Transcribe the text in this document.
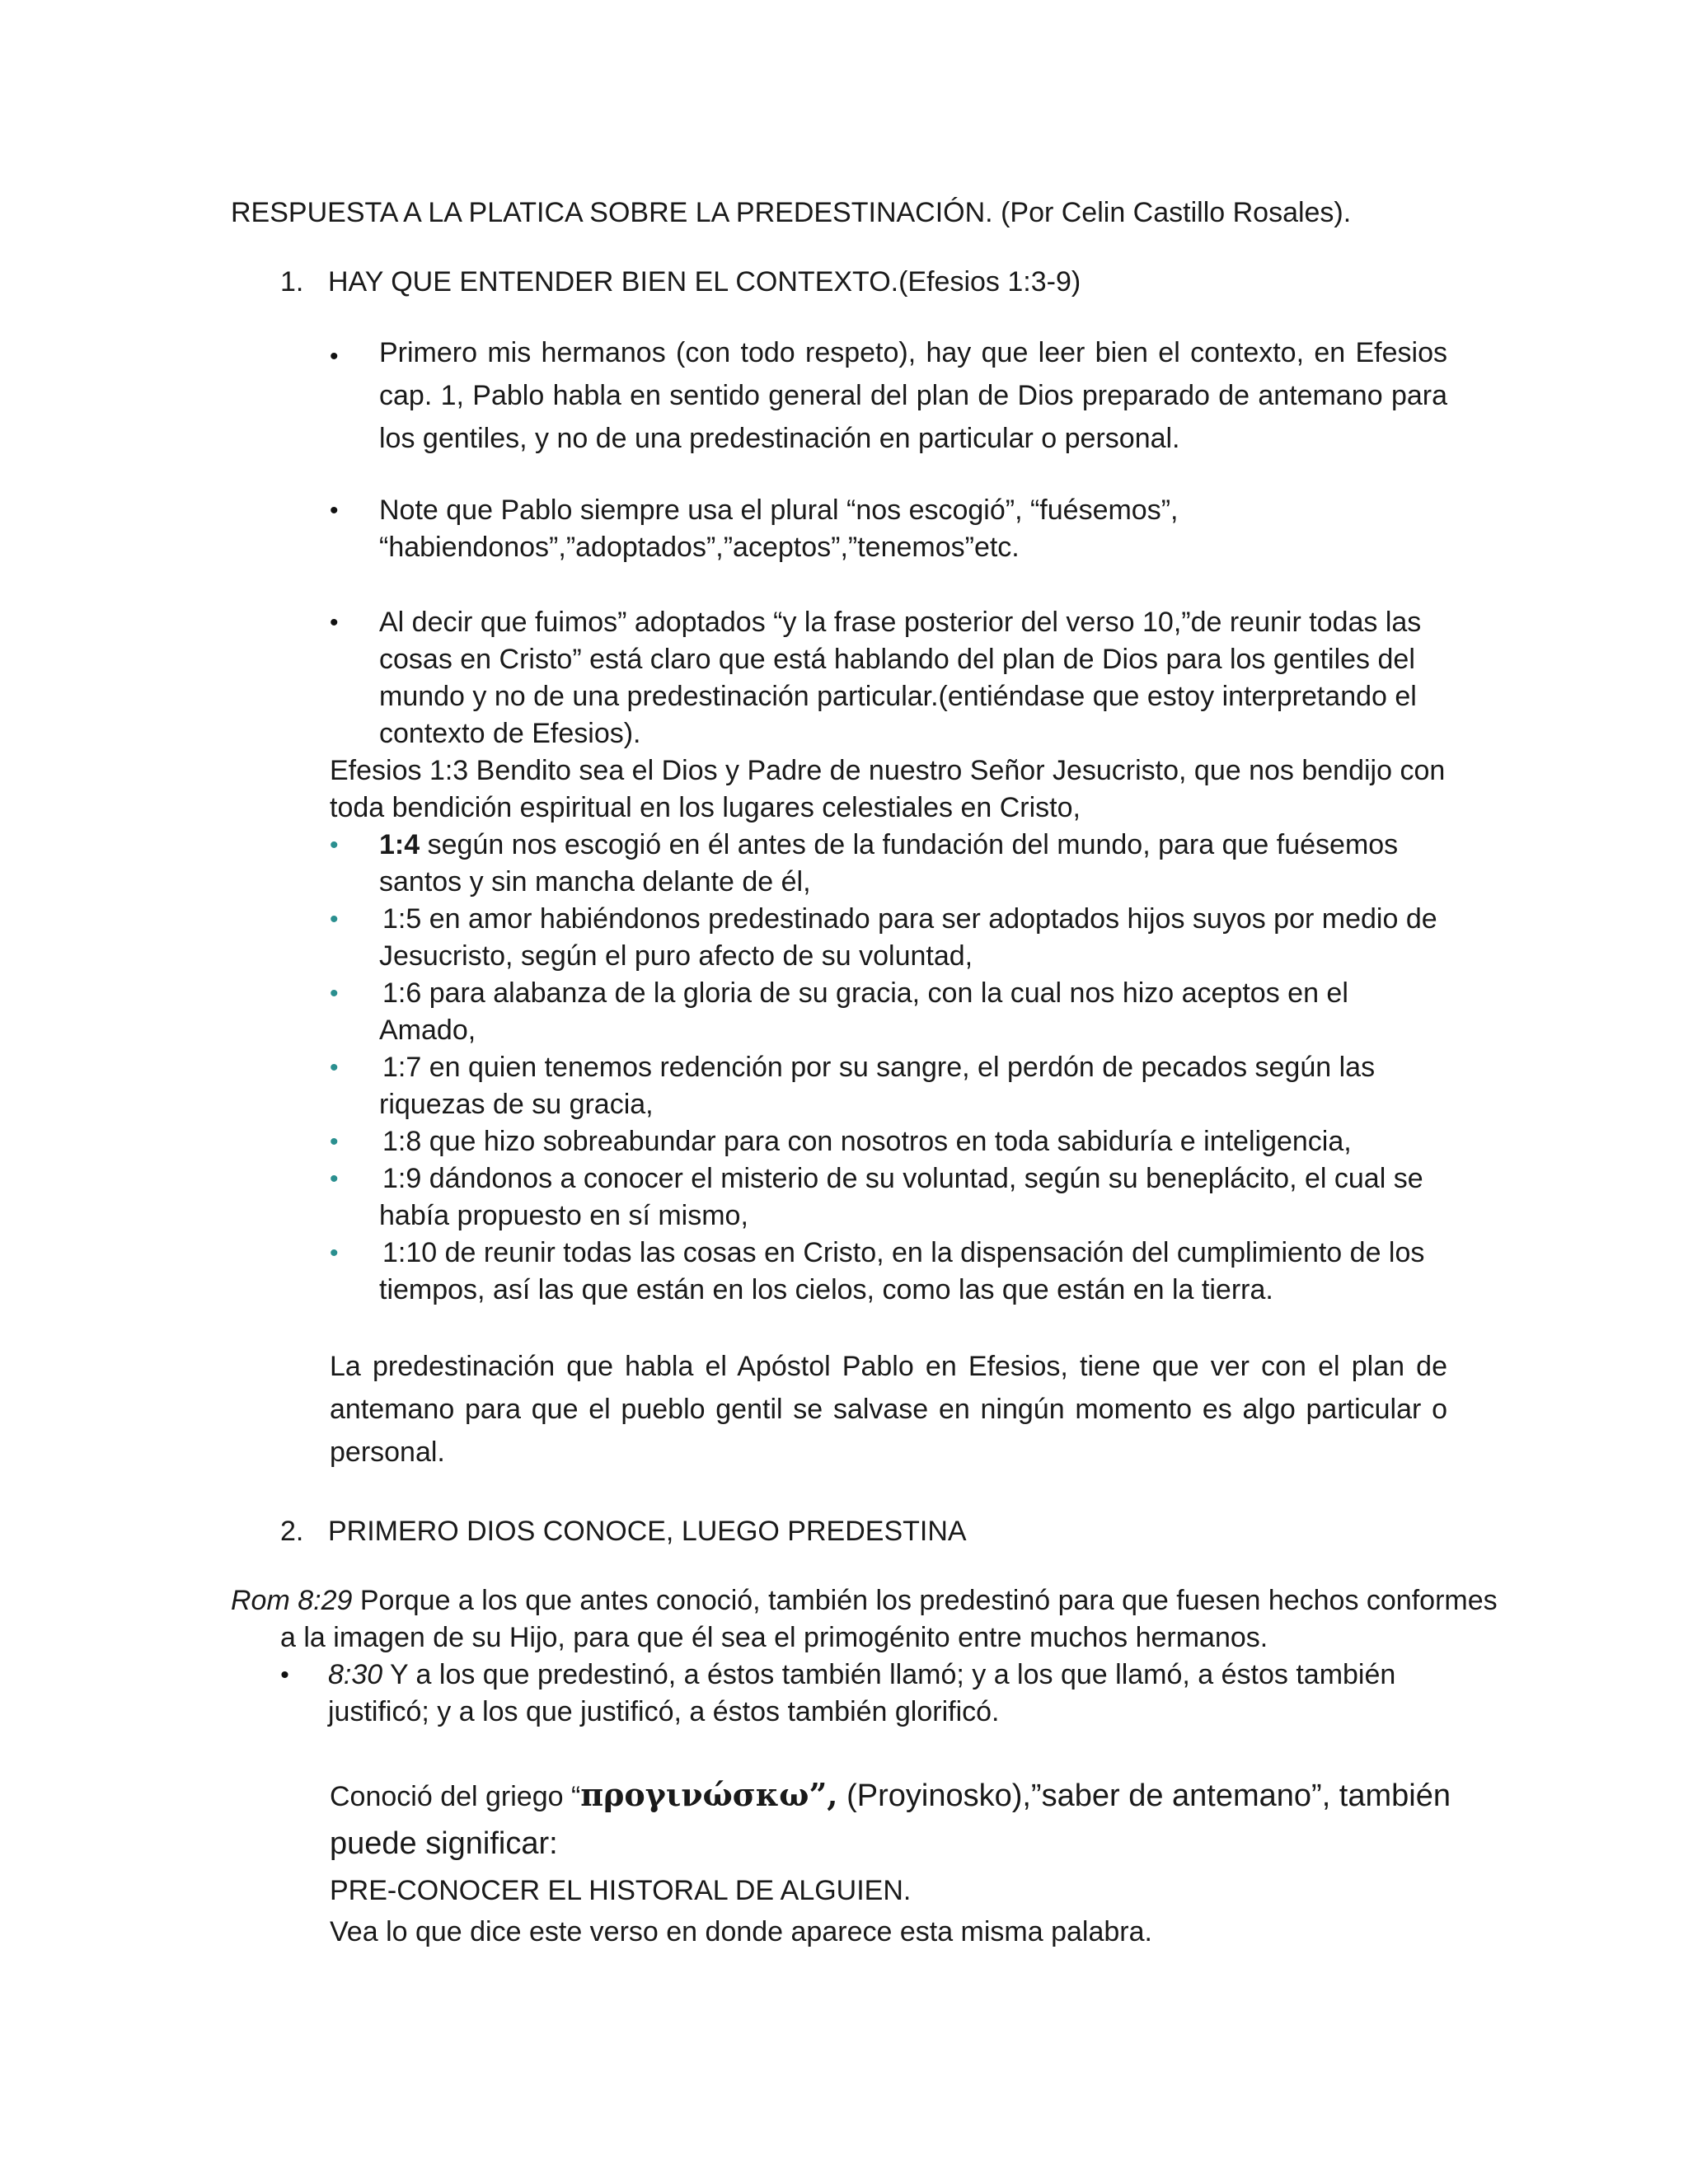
RESPUESTA A LA PLATICA SOBRE LA PREDESTINACIÓN. (Por Celin Castillo Rosales).

1. HAY QUE ENTENDER BIEN EL CONTEXTO.(Efesios 1:3-9)

• Primero mis hermanos (con todo respeto), hay que leer bien el contexto, en Efesios cap. 1, Pablo habla en sentido general del plan de Dios preparado de antemano para los gentiles, y no de una predestinación en particular o personal.

• Note que Pablo siempre usa el plural “nos escogió”, “fuésemos”,

“habiendonos”,”adoptados”,”aceptos”,”tenemos”etc.

• Al decir que fuimos” adoptados “y la frase posterior del verso 10,”de reunir todas las cosas en Cristo” está claro que está hablando del plan de Dios para los gentiles del mundo y no de una predestinación particular.(entiéndase que estoy interpretando el contexto de Efesios).

Efesios 1:3 Bendito sea el Dios y Padre de nuestro Señor Jesucristo, que nos bendijo con toda bendición espiritual en los lugares celestiales en Cristo,

• 1:4 según nos escogió en él antes de la fundación del mundo, para que fuésemos santos y sin mancha delante de él,

• 1:5 en amor habiéndonos predestinado para ser adoptados hijos suyos por medio de Jesucristo, según el puro afecto de su voluntad,

• 1:6 para alabanza de la gloria de su gracia, con la cual nos hizo aceptos en el Amado,

• 1:7 en quien tenemos redención por su sangre, el perdón de pecados según las riquezas de su gracia,

• 1:8 que hizo sobreabundar para con nosotros en toda sabiduría e inteligencia,

• 1:9 dándonos a conocer el misterio de su voluntad, según su beneplácito, el cual se había propuesto en sí mismo,

• 1:10 de reunir todas las cosas en Cristo, en la dispensación del cumplimiento de los tiempos, así las que están en los cielos, como las que están en la tierra.

La predestinación que habla el Apóstol Pablo en Efesios, tiene que ver con el plan de antemano para que el pueblo gentil se salvase en ningún momento es algo particular o personal.

2. PRIMERO DIOS CONOCE, LUEGO PREDESTINA

Rom 8:29 Porque a los que antes conoció, también los predestinó para que fuesen hechos conformes a la imagen de su Hijo, para que él sea el primogénito entre muchos hermanos.

• 8:30 Y a los que predestinó, a éstos también llamó; y a los que llamó, a éstos también justificó; y a los que justificó, a éstos también glorificó.

Conoció del griego “προγινώσκω”, (Proyinosko),”saber de antemano”, también

puede significar:

PRE-CONOCER EL HISTORAL DE ALGUIEN.

Vea lo que dice este verso en donde aparece esta misma palabra.
